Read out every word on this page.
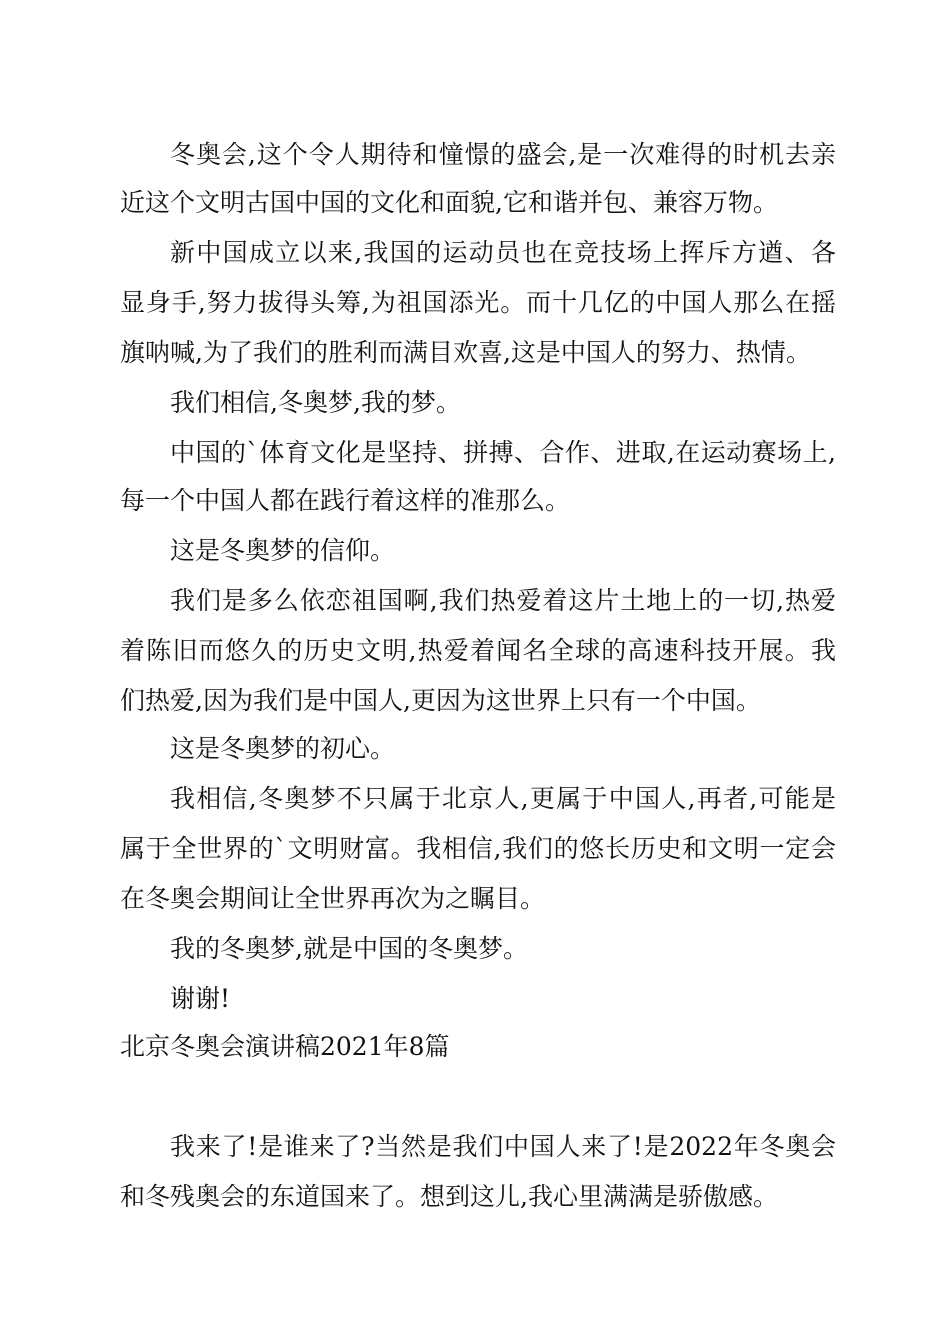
冬奥会,这个令人期待和憧憬的盛会,是一次难得的时机去亲
近这个文明古国中国的文化和面貌,它和谐并包、兼容万物。
新中国成立以来,我国的运动员也在竞技场上挥斥方遒、各
显身手,努力拔得头筹,为祖国添光。而十几亿的中国人那么在摇
旗呐喊,为了我们的胜利而满目欢喜,这是中国人的努力、热情。
我们相信,冬奥梦,我的梦。
中国的`体育文化是坚持、拼搏、合作、进取,在运动赛场上,
每一个中国人都在践行着这样的准那么。
这是冬奥梦的信仰。
我们是多么依恋祖国啊,我们热爱着这片土地上的一切,热爱
着陈旧而悠久的历史文明,热爱着闻名全球的高速科技开展。我
们热爱,因为我们是中国人,更因为这世界上只有一个中国。
这是冬奥梦的初心。
我相信,冬奥梦不只属于北京人,更属于中国人,再者,可能是
属于全世界的`文明财富。我相信,我们的悠长历史和文明一定会
在冬奥会期间让全世界再次为之瞩目。
我的冬奥梦,就是中国的冬奥梦。
谢谢!
北京冬奥会演讲稿2021年8篇
我来了!是谁来了?当然是我们中国人来了!是2022年冬奥会
和冬残奥会的东道国来了。想到这儿,我心里满满是骄傲感。
